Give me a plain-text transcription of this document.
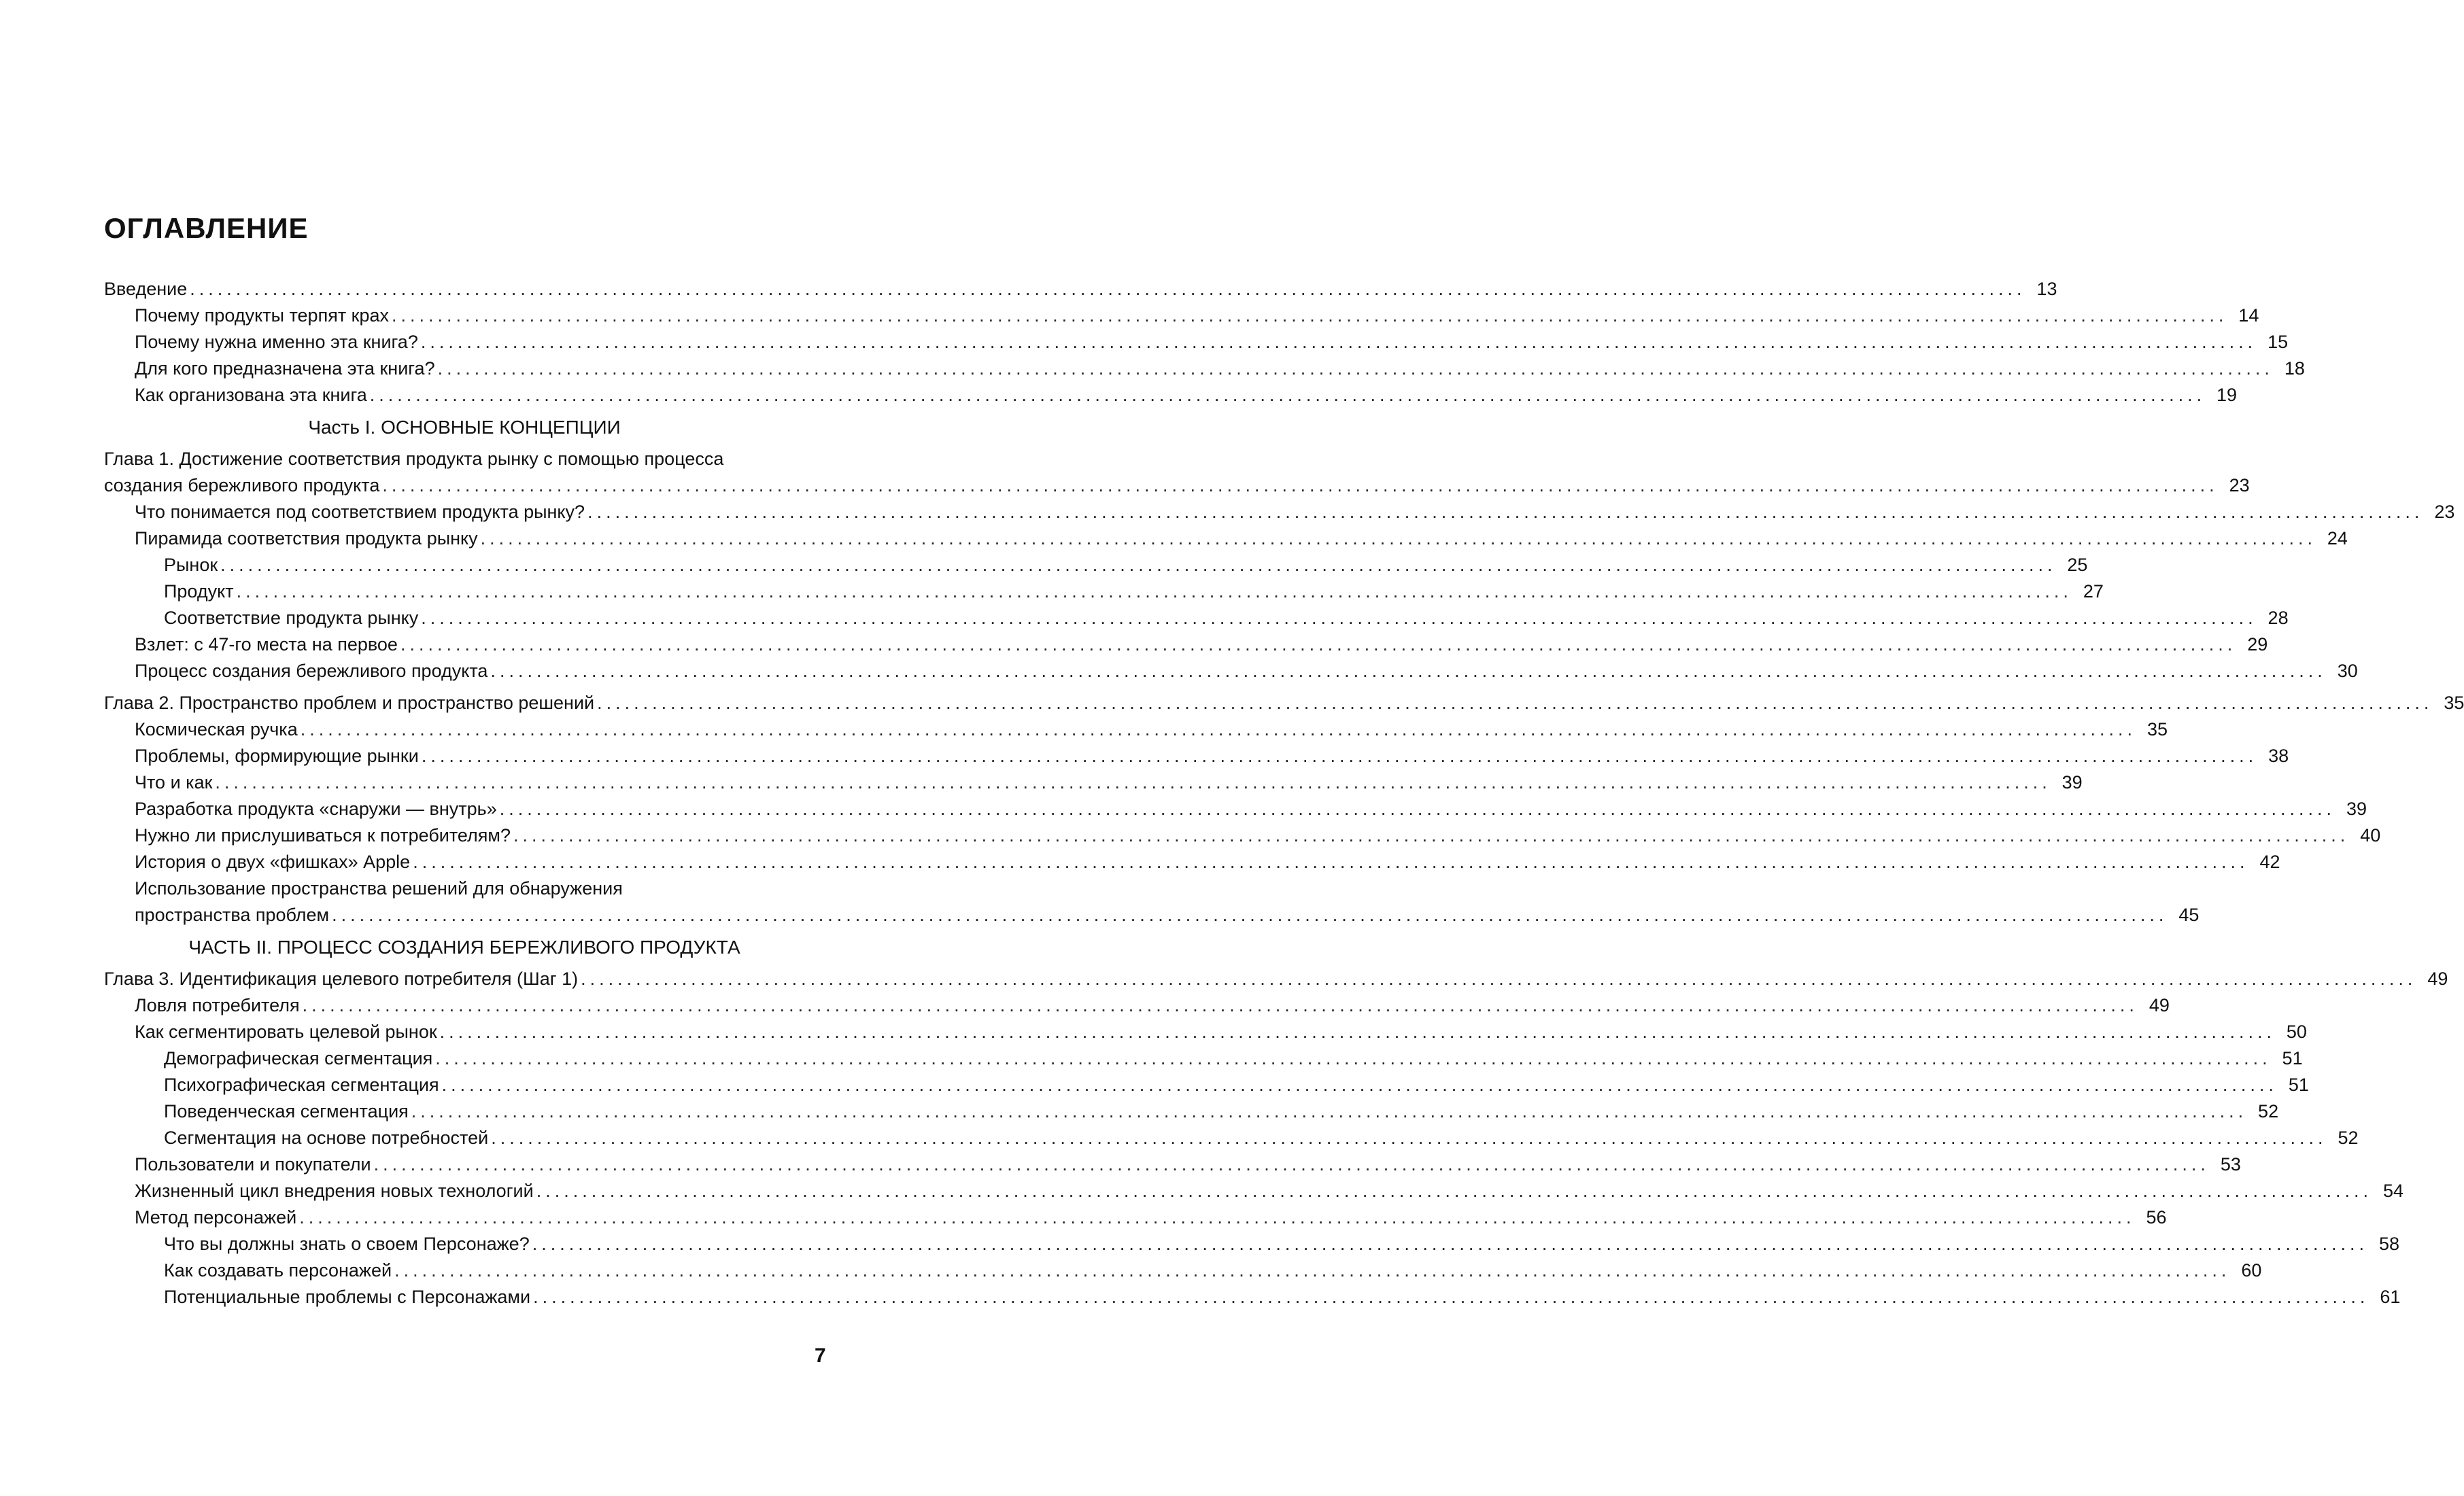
ОГЛАВЛЕНИЕ
Введение ........................................................................................................................................................................................................ 13
Почему продукты терпят крах ........................................................................................................................................................................................................ 14
Почему нужна именно эта книга? ........................................................................................................................................................................................................ 15
Для кого предназначена эта книга? ........................................................................................................................................................................................................ 18
Как организована эта книга ........................................................................................................................................................................................................ 19
Часть I. ОСНОВНЫЕ КОНЦЕПЦИИ
Глава 1. Достижение соответствия продукта рынку с помощью процесса
создания бережливого продукта ........................................................................................................................................................................................................ 23
Что понимается под соответствием продукта рынку? ........................................................................................................................................................................................................ 23
Пирамида соответствия продукта рынку ........................................................................................................................................................................................................ 24
Рынок ........................................................................................................................................................................................................ 25
Продукт ........................................................................................................................................................................................................ 27
Соответствие продукта рынку ........................................................................................................................................................................................................ 28
Взлет: с 47-го места на первое ........................................................................................................................................................................................................ 29
Процесс создания бережливого продукта ........................................................................................................................................................................................................ 30
Глава 2. Пространство проблем и пространство решений ........................................................................................................................................................................................................ 35
Космическая ручка ........................................................................................................................................................................................................ 35
Проблемы, формирующие рынки ........................................................................................................................................................................................................ 38
Что и как ........................................................................................................................................................................................................ 39
Разработка продукта «снаружи — внутрь» ........................................................................................................................................................................................................ 39
Нужно ли прислушиваться к потребителям? ........................................................................................................................................................................................................ 40
История о двух «фишках» Apple ........................................................................................................................................................................................................ 42
Использование пространства решений для обнаружения
пространства проблем ........................................................................................................................................................................................................ 45
ЧАСТЬ II. ПРОЦЕСС СОЗДАНИЯ БЕРЕЖЛИВОГО ПРОДУКТА
Глава 3. Идентификация целевого потребителя (Шаг 1) ........................................................................................................................................................................................................ 49
Ловля потребителя ........................................................................................................................................................................................................ 49
Как сегментировать целевой рынок ........................................................................................................................................................................................................ 50
Демографическая сегментация ........................................................................................................................................................................................................ 51
Психографическая сегментация ........................................................................................................................................................................................................ 51
Поведенческая сегментация ........................................................................................................................................................................................................ 52
Сегментация на основе потребностей ........................................................................................................................................................................................................ 52
Пользователи и покупатели ........................................................................................................................................................................................................ 53
Жизненный цикл внедрения новых технологий ........................................................................................................................................................................................................ 54
Метод персонажей ........................................................................................................................................................................................................ 56
Что вы должны знать о своем Персонаже? ........................................................................................................................................................................................................ 58
Как создавать персонажей ........................................................................................................................................................................................................ 60
Потенциальные проблемы с Персонажами ........................................................................................................................................................................................................ 61
7
